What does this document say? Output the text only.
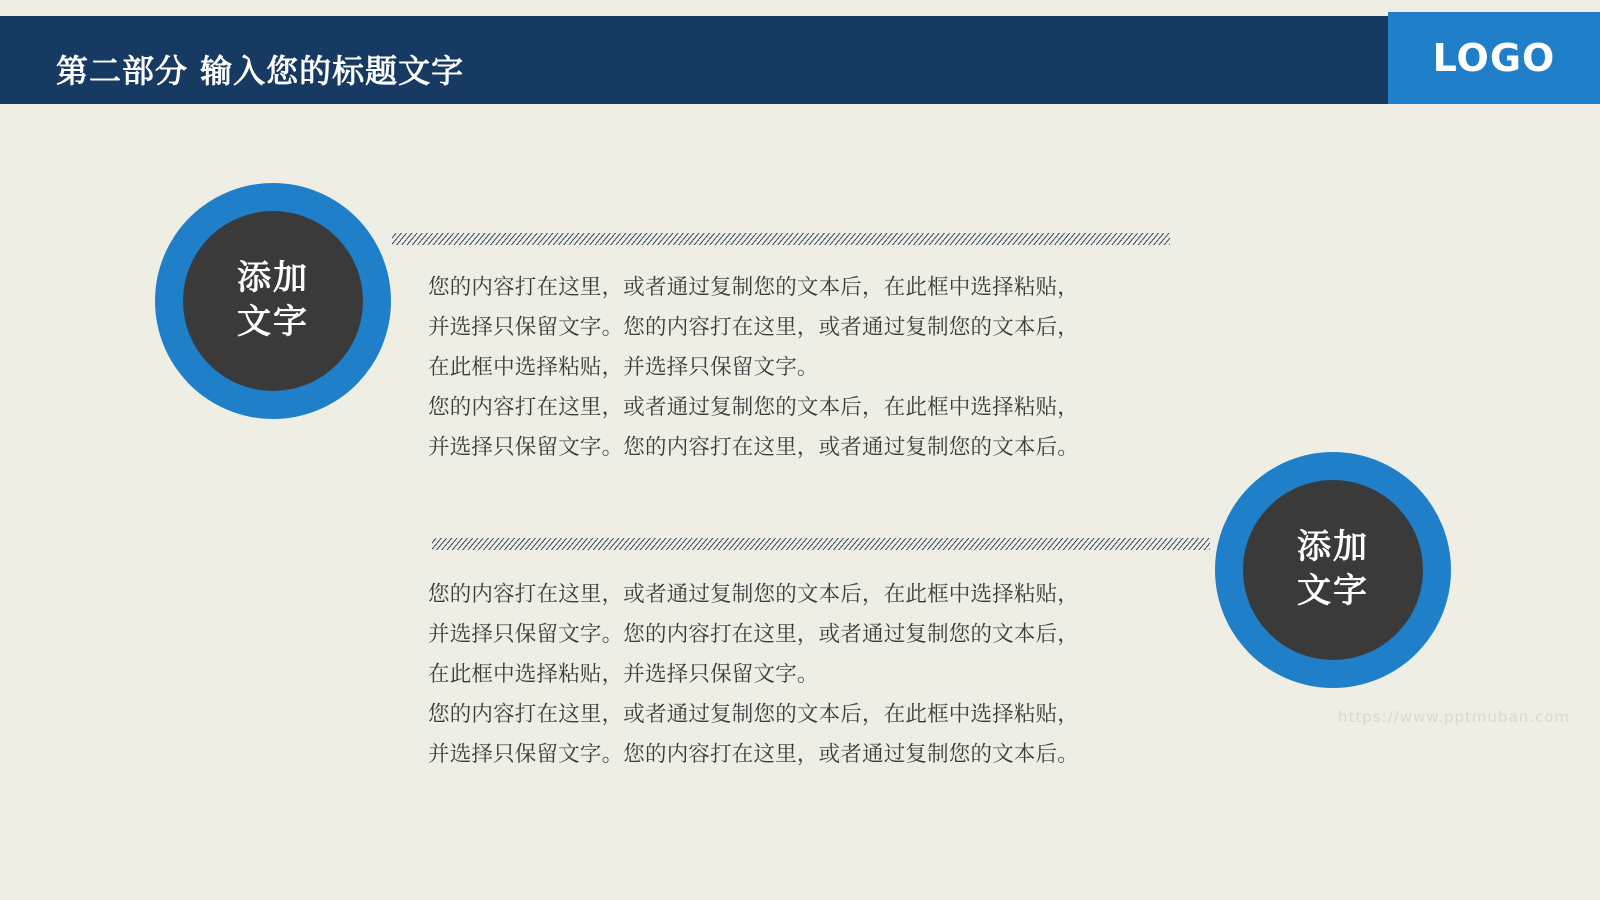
第二部分 输入您的标题文字	LOGO
添加
文字

您的内容打在这里，或者通过复制您的文本后，在此框中选择粘贴，

并选择只保留文字。您的内容打在这里，或者通过复制您的文本后，

在此框中选择粘贴，并选择只保留文字。

您的内容打在这里，或者通过复制您的文本后，在此框中选择粘贴，

并选择只保留文字。您的内容打在这里，或者通过复制您的文本后。

添加
文字
https://www.pptmuban.com

您的内容打在这里，或者通过复制您的文本后，在此框中选择粘贴，

并选择只保留文字。您的内容打在这里，或者通过复制您的文本后，

在此框中选择粘贴，并选择只保留文字。

您的内容打在这里，或者通过复制您的文本后，在此框中选择粘贴，

并选择只保留文字。您的内容打在这里，或者通过复制您的文本后。
